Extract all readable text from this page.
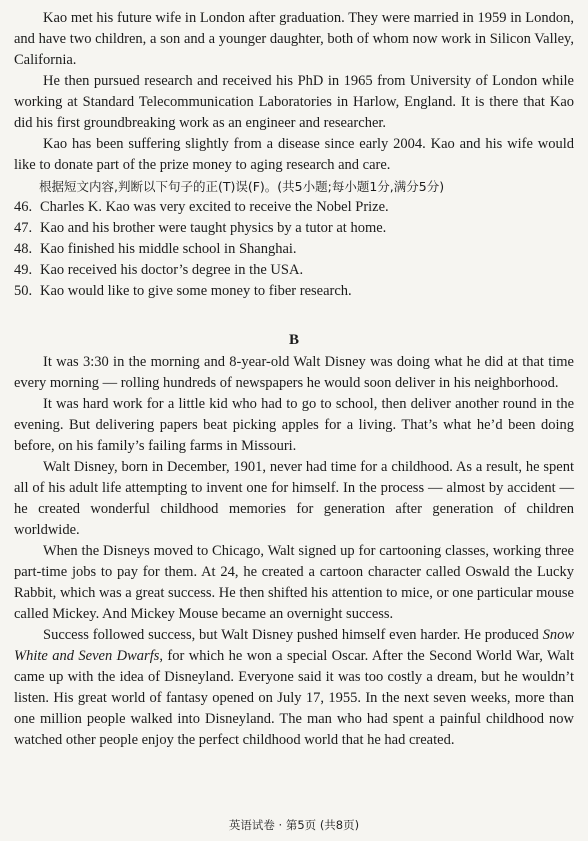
Kao met his future wife in London after graduation. They were married in 1959 in London, and have two children, a son and a younger daughter, both of whom now work in Silicon Valley, California.

He then pursued research and received his PhD in 1965 from University of London while working at Standard Telecommunication Laboratories in Harlow, England. It is there that Kao did his first groundbreaking work as an engineer and researcher.

Kao has been suffering slightly from a disease since early 2004. Kao and his wife would like to donate part of the prize money to aging research and care.

根据短文内容,判断以下句子的正(T)误(F)。(共5小题;每小题1分,满分5分)

46. Charles K. Kao was very excited to receive the Nobel Prize.

47. Kao and his brother were taught physics by a tutor at home.

48. Kao finished his middle school in Shanghai.

49. Kao received his doctor’s degree in the USA.

50. Kao would like to give some money to fiber research.

B

It was 3:30 in the morning and 8-year-old Walt Disney was doing what he did at that time every morning — rolling hundreds of newspapers he would soon deliver in his neighborhood.

It was hard work for a little kid who had to go to school, then deliver another round in the evening. But delivering papers beat picking apples for a living. That’s what he’d been doing before, on his family’s failing farms in Missouri.

Walt Disney, born in December, 1901, never had time for a childhood. As a result, he spent all of his adult life attempting to invent one for himself. In the process — almost by accident — he created wonderful childhood memories for generation after generation of children worldwide.

When the Disneys moved to Chicago, Walt signed up for cartooning classes, working three part-time jobs to pay for them. At 24, he created a cartoon character called Oswald the Lucky Rabbit, which was a great success. He then shifted his attention to mice, or one particular mouse called Mickey. And Mickey Mouse became an overnight success.

Success followed success, but Walt Disney pushed himself even harder. He produced Snow White and Seven Dwarfs, for which he won a special Oscar. After the Second World War, Walt came up with the idea of Disneyland. Everyone said it was too costly a dream, but he wouldn’t listen. His great world of fantasy opened on July 17, 1955. In the next seven weeks, more than one million people walked into Disneyland. The man who had spent a painful childhood now watched other people enjoy the perfect childhood world that he had created.

英语试卷 · 第5页 (共8页)
